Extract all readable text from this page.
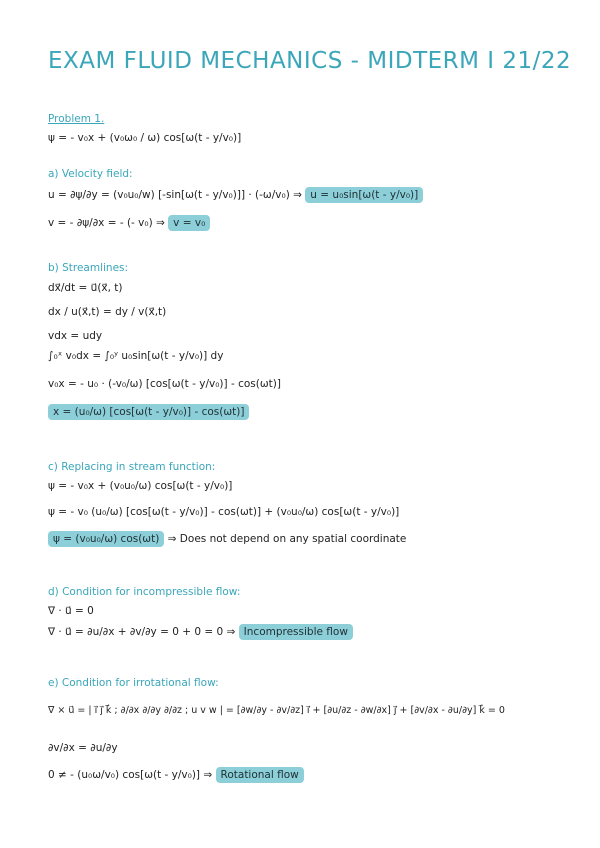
EXAM FLUID MECHANICS - MIDTERM I 21/22
Problem 1.
ψ = - v₀x + (v₀ω₀ / ω) cos[ω(t - y/v₀)]
a) Velocity field:
u = ∂ψ/∂y = (v₀u₀/w) [-sin[ω(t - y/v₀)]] · (-ω/v₀) ⇒ u = u₀sin[ω(t - y/v₀)]
v = - ∂ψ/∂x = - (- v₀) ⇒ v = v₀
b) Streamlines:
dx⃗/dt = u⃗(x⃗, t)
dx / u(x⃗,t) = dy / v(x⃗,t)
vdx = udy
∫₀ˣ v₀dx = ∫₀ʸ u₀sin[ω(t - y/v₀)] dy
v₀x = - u₀ · (-v₀/ω) [cos[ω(t - y/v₀)] - cos(ωt)]
x = (u₀/ω) [cos[ω(t - y/v₀)] - cos(ωt)]
c) Replacing in stream function:
ψ = - v₀x + (v₀u₀/ω) cos[ω(t - y/v₀)]
ψ = - v₀ (u₀/ω) [cos[ω(t - y/v₀)] - cos(ωt)] + (v₀u₀/ω) cos[ω(t - y/v₀)]
ψ = (v₀u₀/ω) cos(ωt) ⇒ Does not depend on any spatial coordinate
d) Condition for incompressible flow:
∇ · u⃗ = 0
∇ · u⃗ = ∂u/∂x + ∂v/∂y = 0 + 0 = 0 ⇒ Incompressible flow
e) Condition for irrotational flow:
∇ × u⃗ = | i⃗ j⃗ k⃗ ; ∂/∂x ∂/∂y ∂/∂z ; u v w | = [∂w/∂y - ∂v/∂z] i⃗ + [∂u/∂z - ∂w/∂x] j⃗ + [∂v/∂x - ∂u/∂y] k⃗ = 0
∂v/∂x = ∂u/∂y
0 ≠ - (u₀ω/v₀) cos[ω(t - y/v₀)] ⇒ Rotational flow
